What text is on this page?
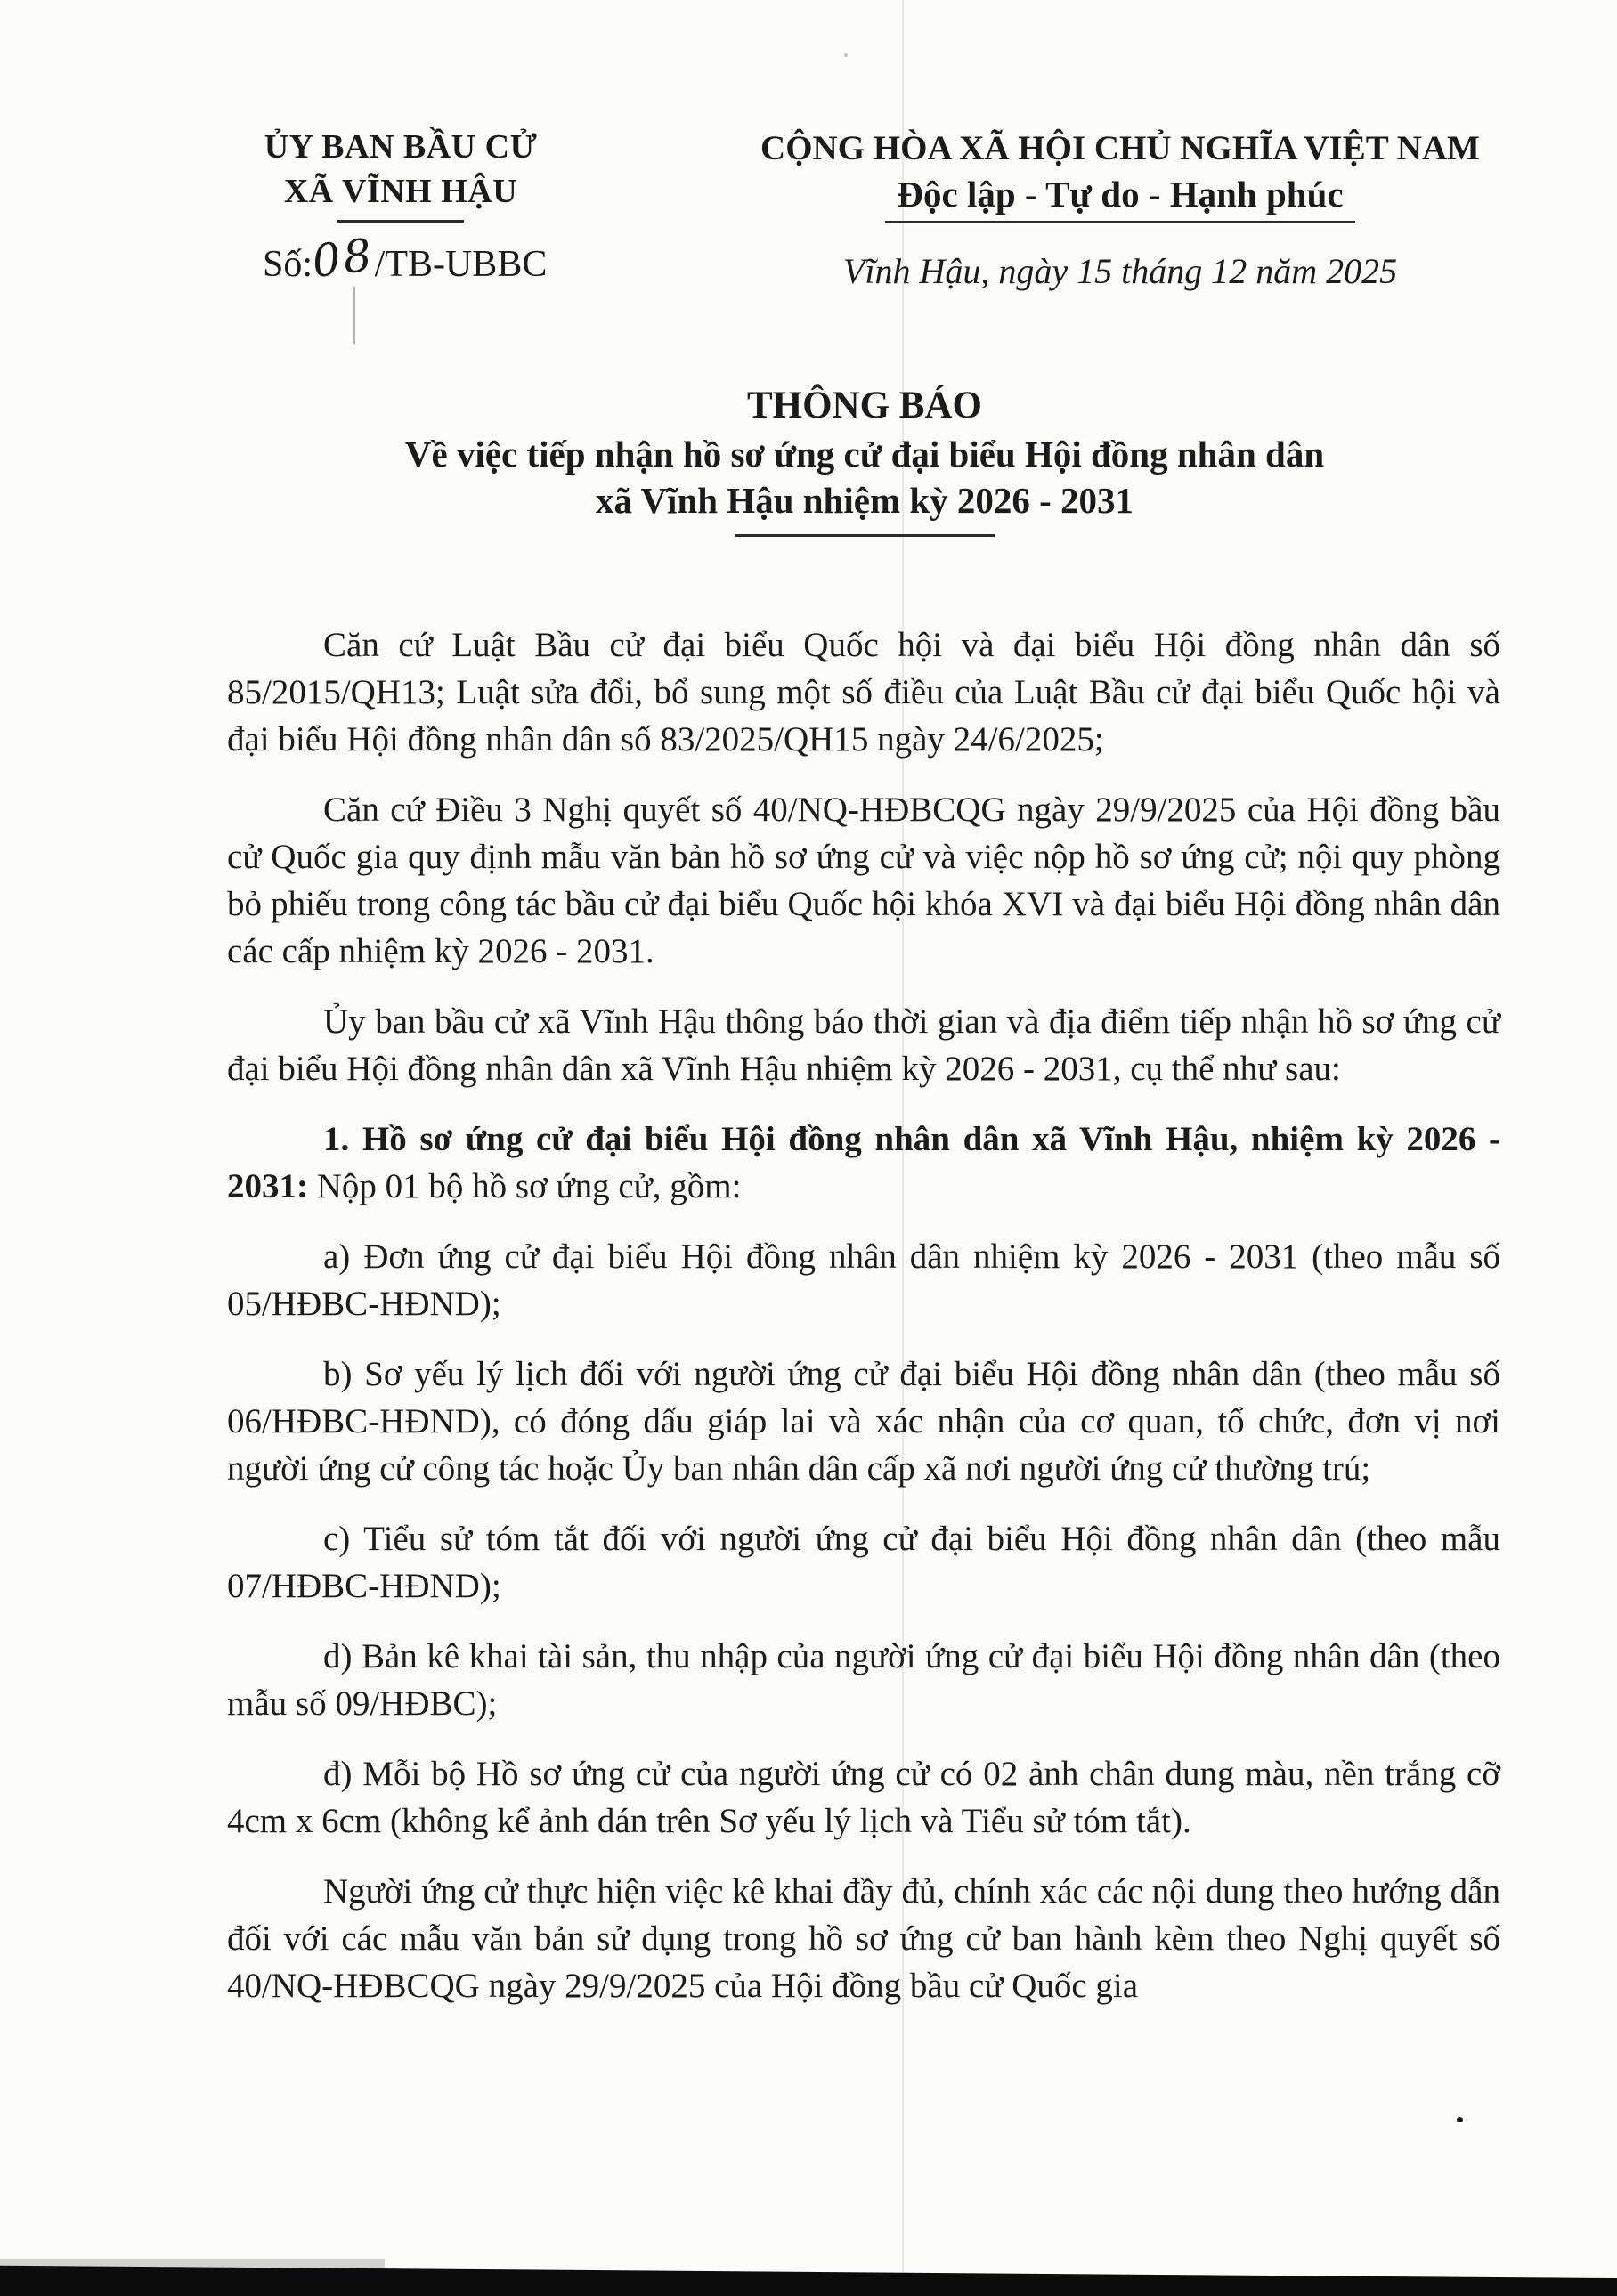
ỦY BAN BẦU CỬ
XÃ VĨNH HẬU
Số:08/TB-UBBC
CỘNG HÒA XÃ HỘI CHỦ NGHĨA VIỆT NAM
Độc lập - Tự do - Hạnh phúc
Vĩnh Hậu, ngày 15 tháng 12 năm 2025
THÔNG BÁO
Về việc tiếp nhận hồ sơ ứng cử đại biểu Hội đồng nhân dân
xã Vĩnh Hậu nhiệm kỳ 2026 - 2031

Căn cứ Luật Bầu cử đại biểu Quốc hội và đại biểu Hội đồng nhân dân số 85/2015/QH13; Luật sửa đổi, bổ sung một số điều của Luật Bầu cử đại biểu Quốc hội và đại biểu Hội đồng nhân dân số 83/2025/QH15 ngày 24/6/2025;

Căn cứ Điều 3 Nghị quyết số 40/NQ-HĐBCQG ngày 29/9/2025 của Hội đồng bầu cử Quốc gia quy định mẫu văn bản hồ sơ ứng cử và việc nộp hồ sơ ứng cử; nội quy phòng bỏ phiếu trong công tác bầu cử đại biểu Quốc hội khóa XVI và đại biểu Hội đồng nhân dân các cấp nhiệm kỳ 2026 - 2031.

Ủy ban bầu cử xã Vĩnh Hậu thông báo thời gian và địa điểm tiếp nhận hồ sơ ứng cử đại biểu Hội đồng nhân dân xã Vĩnh Hậu nhiệm kỳ 2026 - 2031, cụ thể như sau:

1. Hồ sơ ứng cử đại biểu Hội đồng nhân dân xã Vĩnh Hậu, nhiệm kỳ 2026 - 2031: Nộp 01 bộ hồ sơ ứng cử, gồm:

a) Đơn ứng cử đại biểu Hội đồng nhân dân nhiệm kỳ 2026 - 2031 (theo mẫu số 05/HĐBC-HĐND);

b) Sơ yếu lý lịch đối với người ứng cử đại biểu Hội đồng nhân dân (theo mẫu số 06/HĐBC-HĐND), có đóng dấu giáp lai và xác nhận của cơ quan, tổ chức, đơn vị nơi người ứng cử công tác hoặc Ủy ban nhân dân cấp xã nơi người ứng cử thường trú;

c) Tiểu sử tóm tắt đối với người ứng cử đại biểu Hội đồng nhân dân (theo mẫu 07/HĐBC-HĐND);

d) Bản kê khai tài sản, thu nhập của người ứng cử đại biểu Hội đồng nhân dân (theo mẫu số 09/HĐBC);

đ) Mỗi bộ Hồ sơ ứng cử của người ứng cử có 02 ảnh chân dung màu, nền trắng cỡ 4cm x 6cm (không kể ảnh dán trên Sơ yếu lý lịch và Tiểu sử tóm tắt).

Người ứng cử thực hiện việc kê khai đầy đủ, chính xác các nội dung theo hướng dẫn đối với các mẫu văn bản sử dụng trong hồ sơ ứng cử ban hành kèm theo Nghị quyết số 40/NQ-HĐBCQG ngày 29/9/2025 của Hội đồng bầu cử Quốc gia
